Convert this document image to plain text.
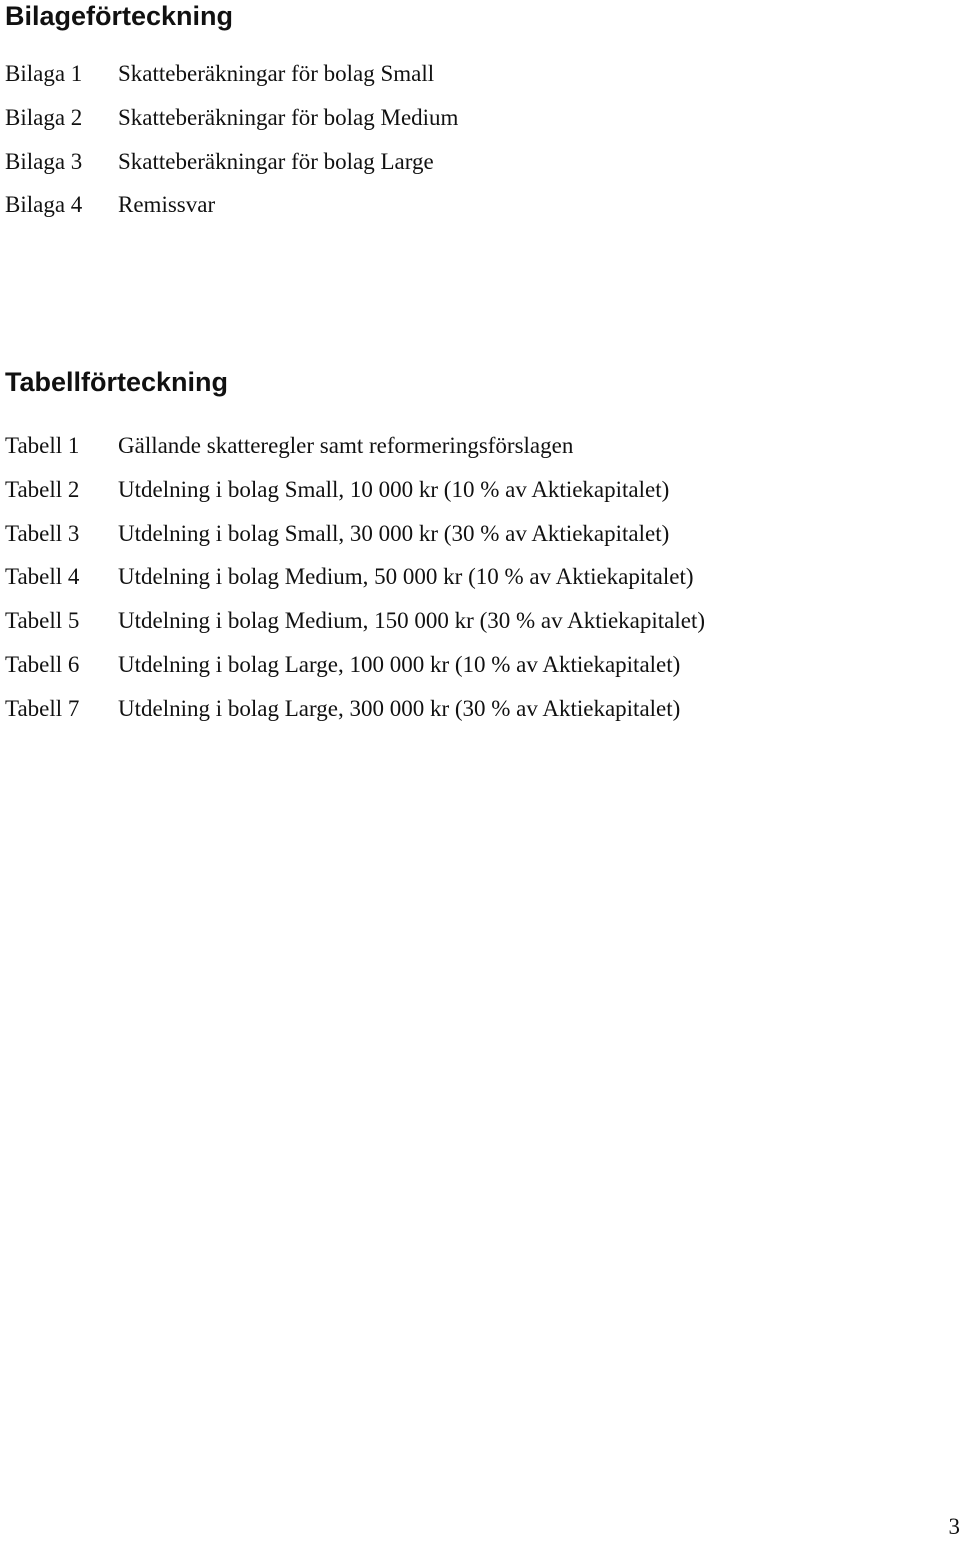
Bilageförteckning
Bilaga 1	Skatteberäkningar för bolag Small
Bilaga 2	Skatteberäkningar för bolag Medium
Bilaga 3	Skatteberäkningar för bolag Large
Bilaga 4	Remissvar
Tabellförteckning
Tabell 1	Gällande skatteregler samt reformeringsförslagen
Tabell 2	Utdelning i bolag Small, 10 000 kr (10 % av Aktiekapitalet)
Tabell 3	Utdelning i bolag Small, 30 000 kr (30 % av Aktiekapitalet)
Tabell 4	Utdelning i bolag Medium, 50 000 kr (10 % av Aktiekapitalet)
Tabell 5	Utdelning i bolag Medium, 150 000 kr (30 % av Aktiekapitalet)
Tabell 6	Utdelning i bolag Large, 100 000 kr (10 % av Aktiekapitalet)
Tabell 7	Utdelning i bolag Large, 300 000 kr (30 % av Aktiekapitalet)
3
